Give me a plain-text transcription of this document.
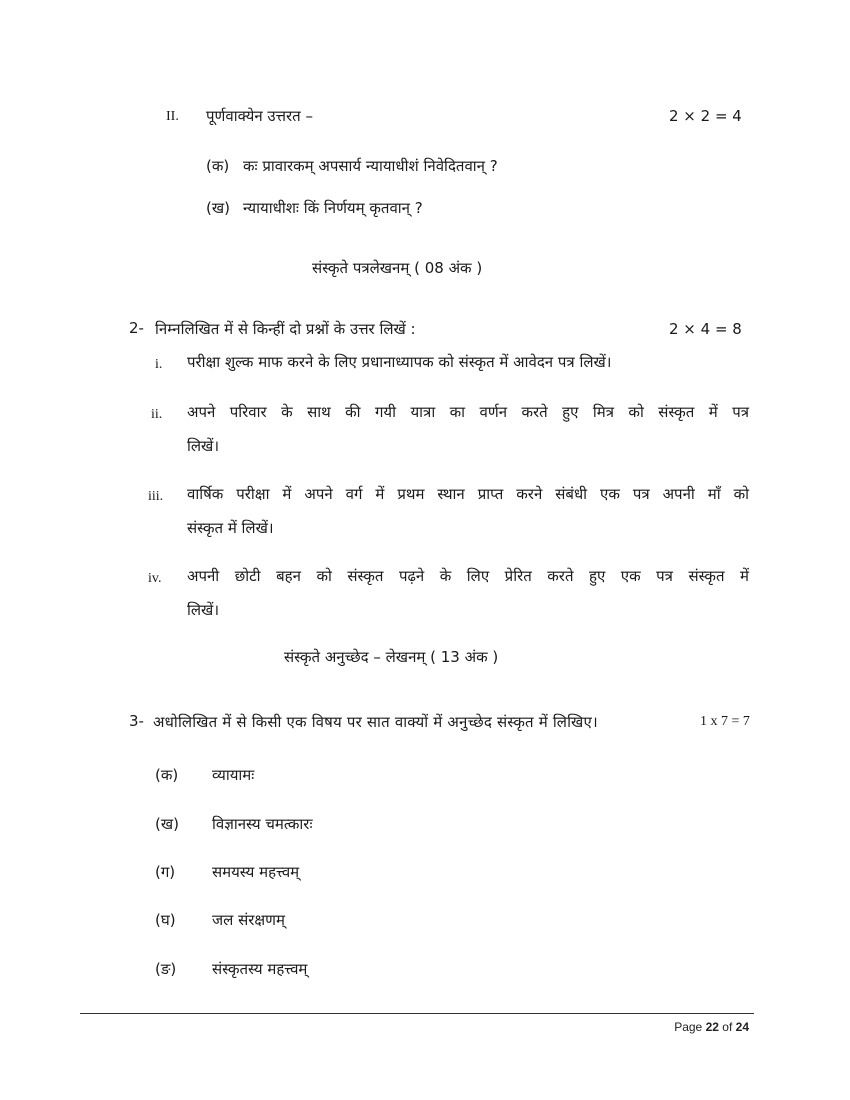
II. पूर्णवाक्येन उत्तरत –	2 × 2 = 4
(क) कः प्रावारकम् अपसार्य न्यायाधीशं निवेदितवान् ?
(ख) न्यायाधीशः किं निर्णयम् कृतवान् ?
संस्कृते पत्रलेखनम् ( 08 अंक )
2- निम्नलिखित में से किन्हीं दो प्रश्नों के उत्तर लिखें :	2 × 4 = 8
i. परीक्षा शुल्क माफ करने के लिए प्रधानाध्यापक को संस्कृत में आवेदन पत्र लिखें।
ii. अपने परिवार के साथ की गयी यात्रा का वर्णन करते हुए मित्र को संस्कृत में पत्र
लिखें।
iii. वार्षिक परीक्षा में अपने वर्ग में प्रथम स्थान प्राप्त करने संबंधी एक पत्र अपनी माँ को
संस्कृत में लिखें।
iv. अपनी छोटी बहन को संस्कृत पढ़ने के लिए प्रेरित करते हुए एक पत्र संस्कृत में
लिखें।
संस्कृते अनुच्छेद – लेखनम् ( 13 अंक )
3- अधोलिखित में से किसी एक विषय पर सात वाक्यों में अनुच्छेद संस्कृत में लिखिए।	1 x 7 = 7
(क) व्यायामः
(ख) विज्ञानस्य चमत्कारः
(ग) समयस्य महत्त्वम्
(घ) जल संरक्षणम्
(ङ) संस्कृतस्य महत्त्वम्
Page 22 of 24
